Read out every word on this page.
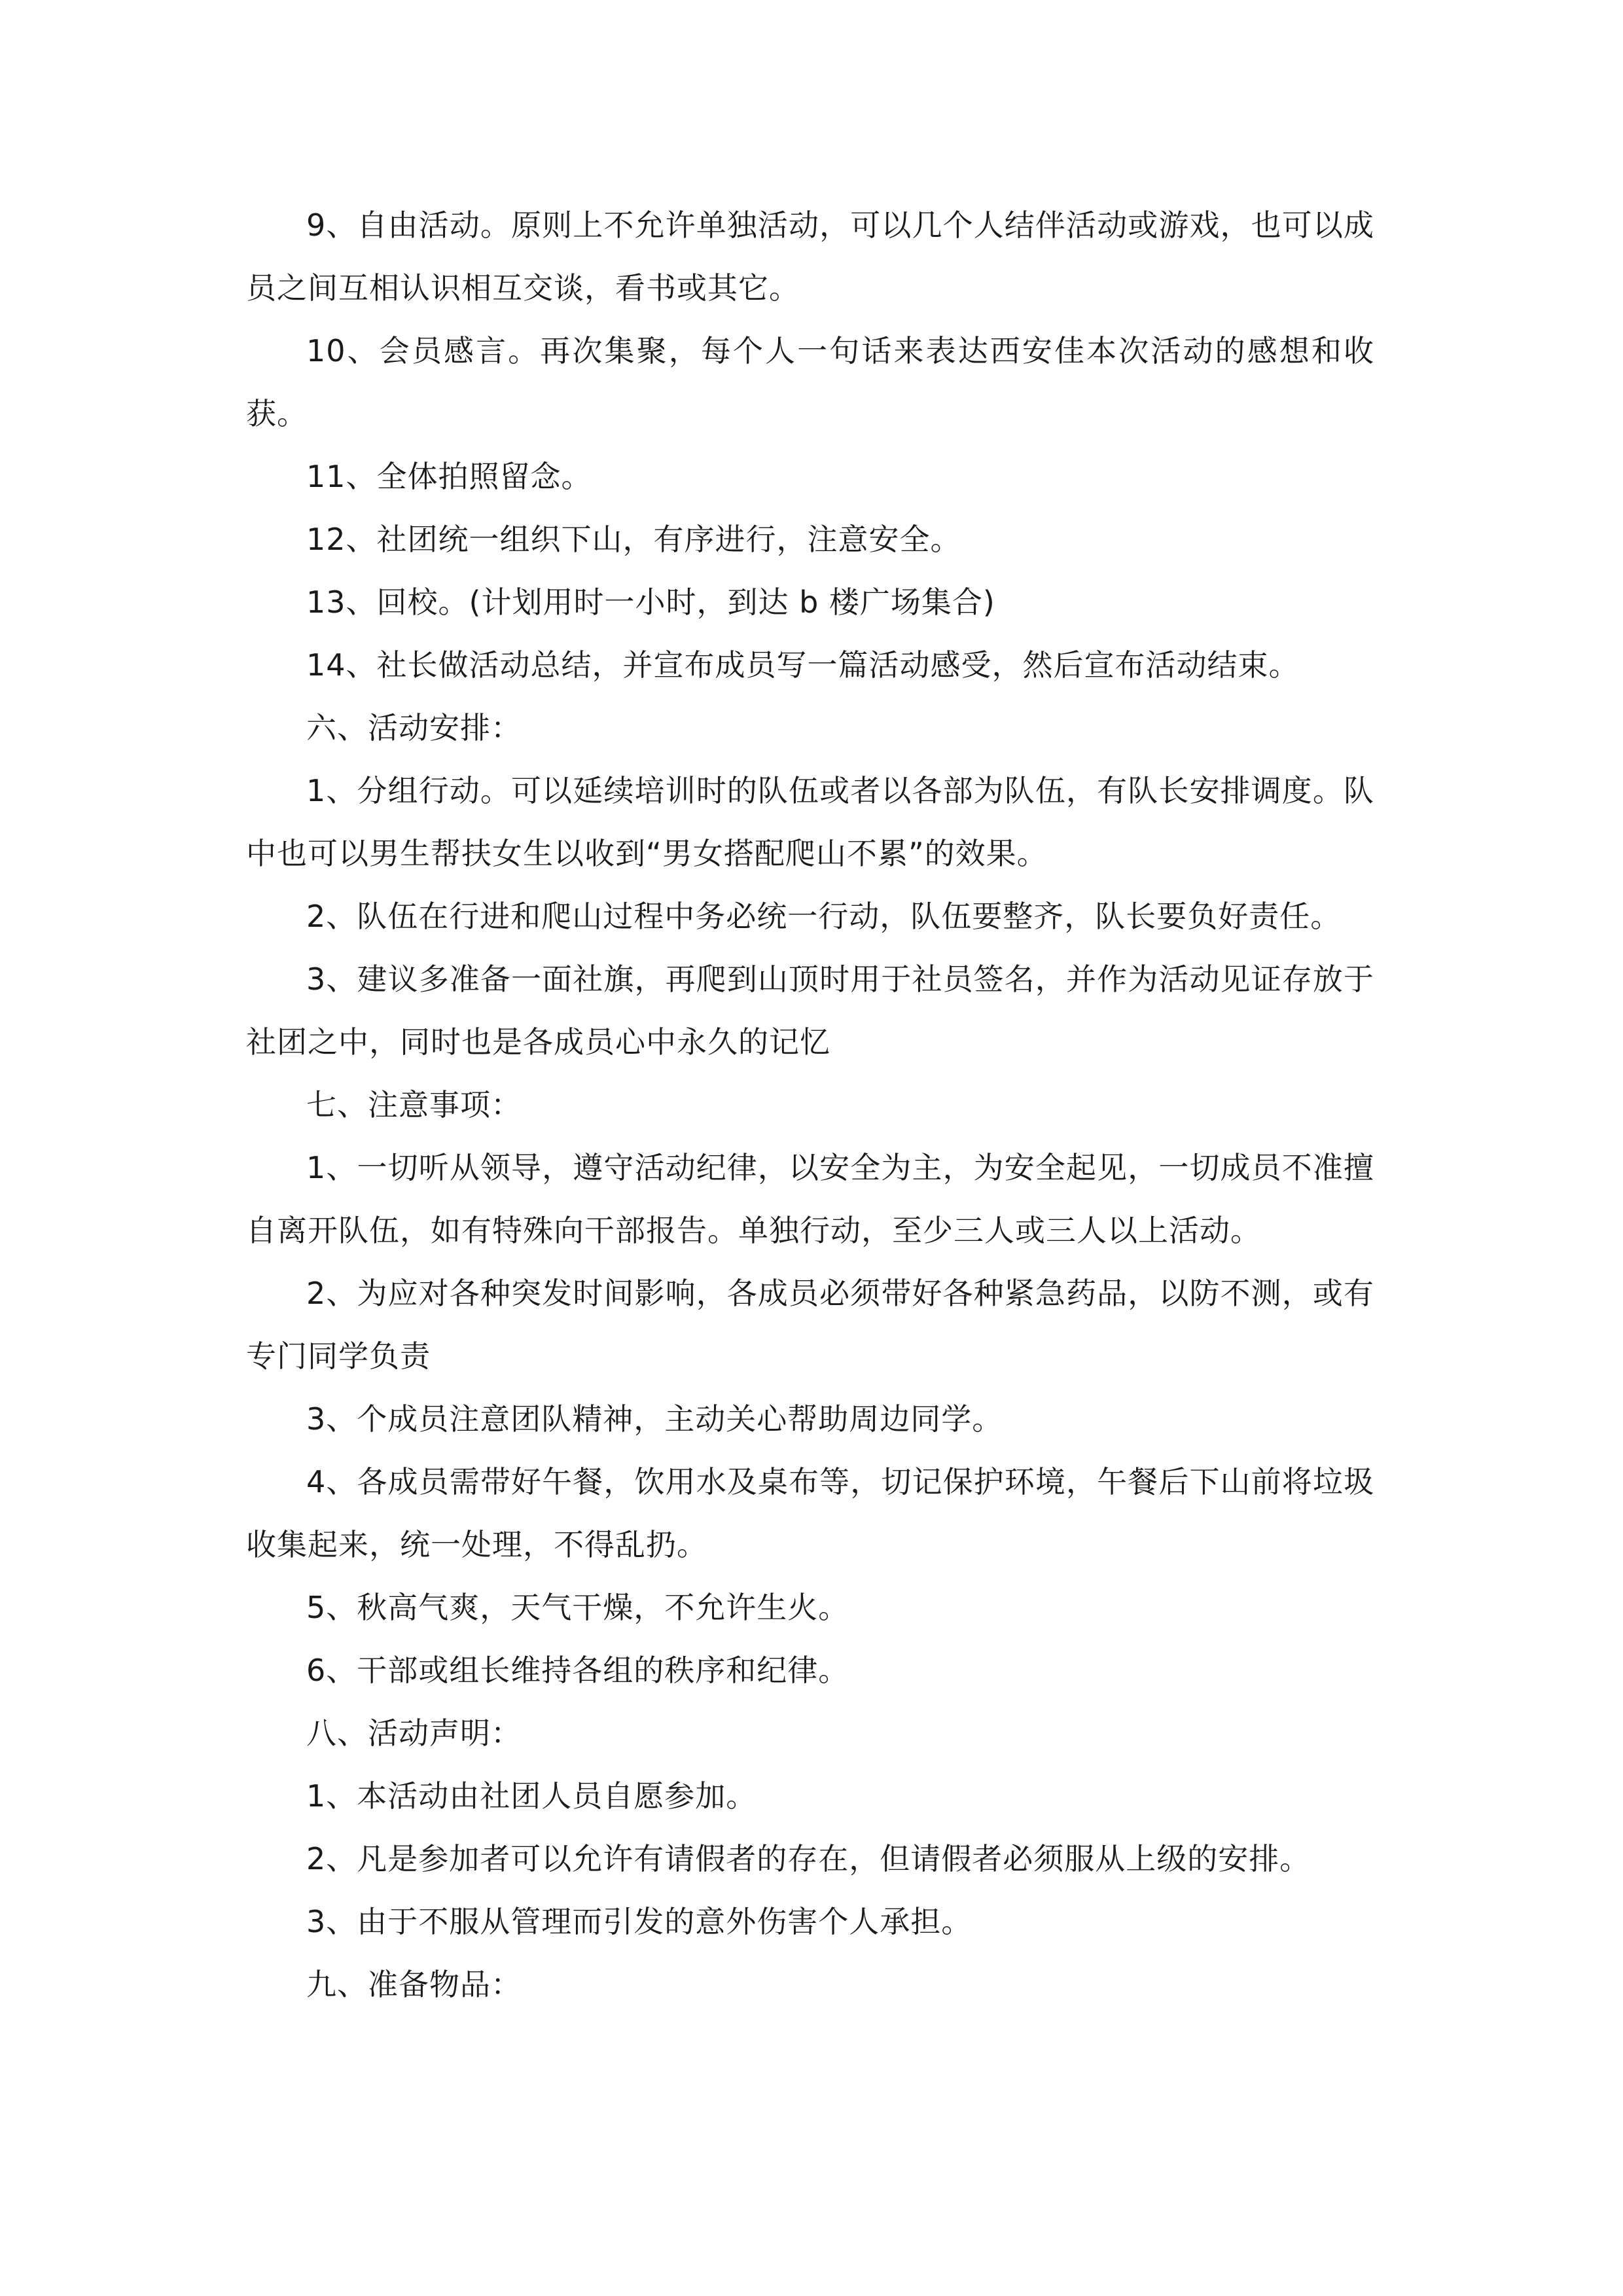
9、自由活动。原则上不允许单独活动，可以几个人结伴活动或游戏，也可以成员之间互相认识相互交谈，看书或其它。

10、会员感言。再次集聚，每个人一句话来表达西安佳本次活动的感想和收获。

11、全体拍照留念。

12、社团统一组织下山，有序进行，注意安全。

13、回校。(计划用时一小时，到达 b 楼广场集合)

14、社长做活动总结，并宣布成员写一篇活动感受，然后宣布活动结束。

六、活动安排：

1、分组行动。可以延续培训时的队伍或者以各部为队伍，有队长安排调度。队中也可以男生帮扶女生以收到“男女搭配爬山不累”的效果。

2、队伍在行进和爬山过程中务必统一行动，队伍要整齐，队长要负好责任。

3、建议多准备一面社旗，再爬到山顶时用于社员签名，并作为活动见证存放于社团之中，同时也是各成员心中永久的记忆

七、注意事项：

1、一切听从领导，遵守活动纪律，以安全为主，为安全起见，一切成员不准擅自离开队伍，如有特殊向干部报告。单独行动，至少三人或三人以上活动。

2、为应对各种突发时间影响，各成员必须带好各种紧急药品，以防不测，或有专门同学负责

3、个成员注意团队精神，主动关心帮助周边同学。

4、各成员需带好午餐，饮用水及桌布等，切记保护环境，午餐后下山前将垃圾收集起来，统一处理，不得乱扔。

5、秋高气爽，天气干燥，不允许生火。

6、干部或组长维持各组的秩序和纪律。

八、活动声明：

1、本活动由社团人员自愿参加。

2、凡是参加者可以允许有请假者的存在，但请假者必须服从上级的安排。

3、由于不服从管理而引发的意外伤害个人承担。

九、准备物品：
